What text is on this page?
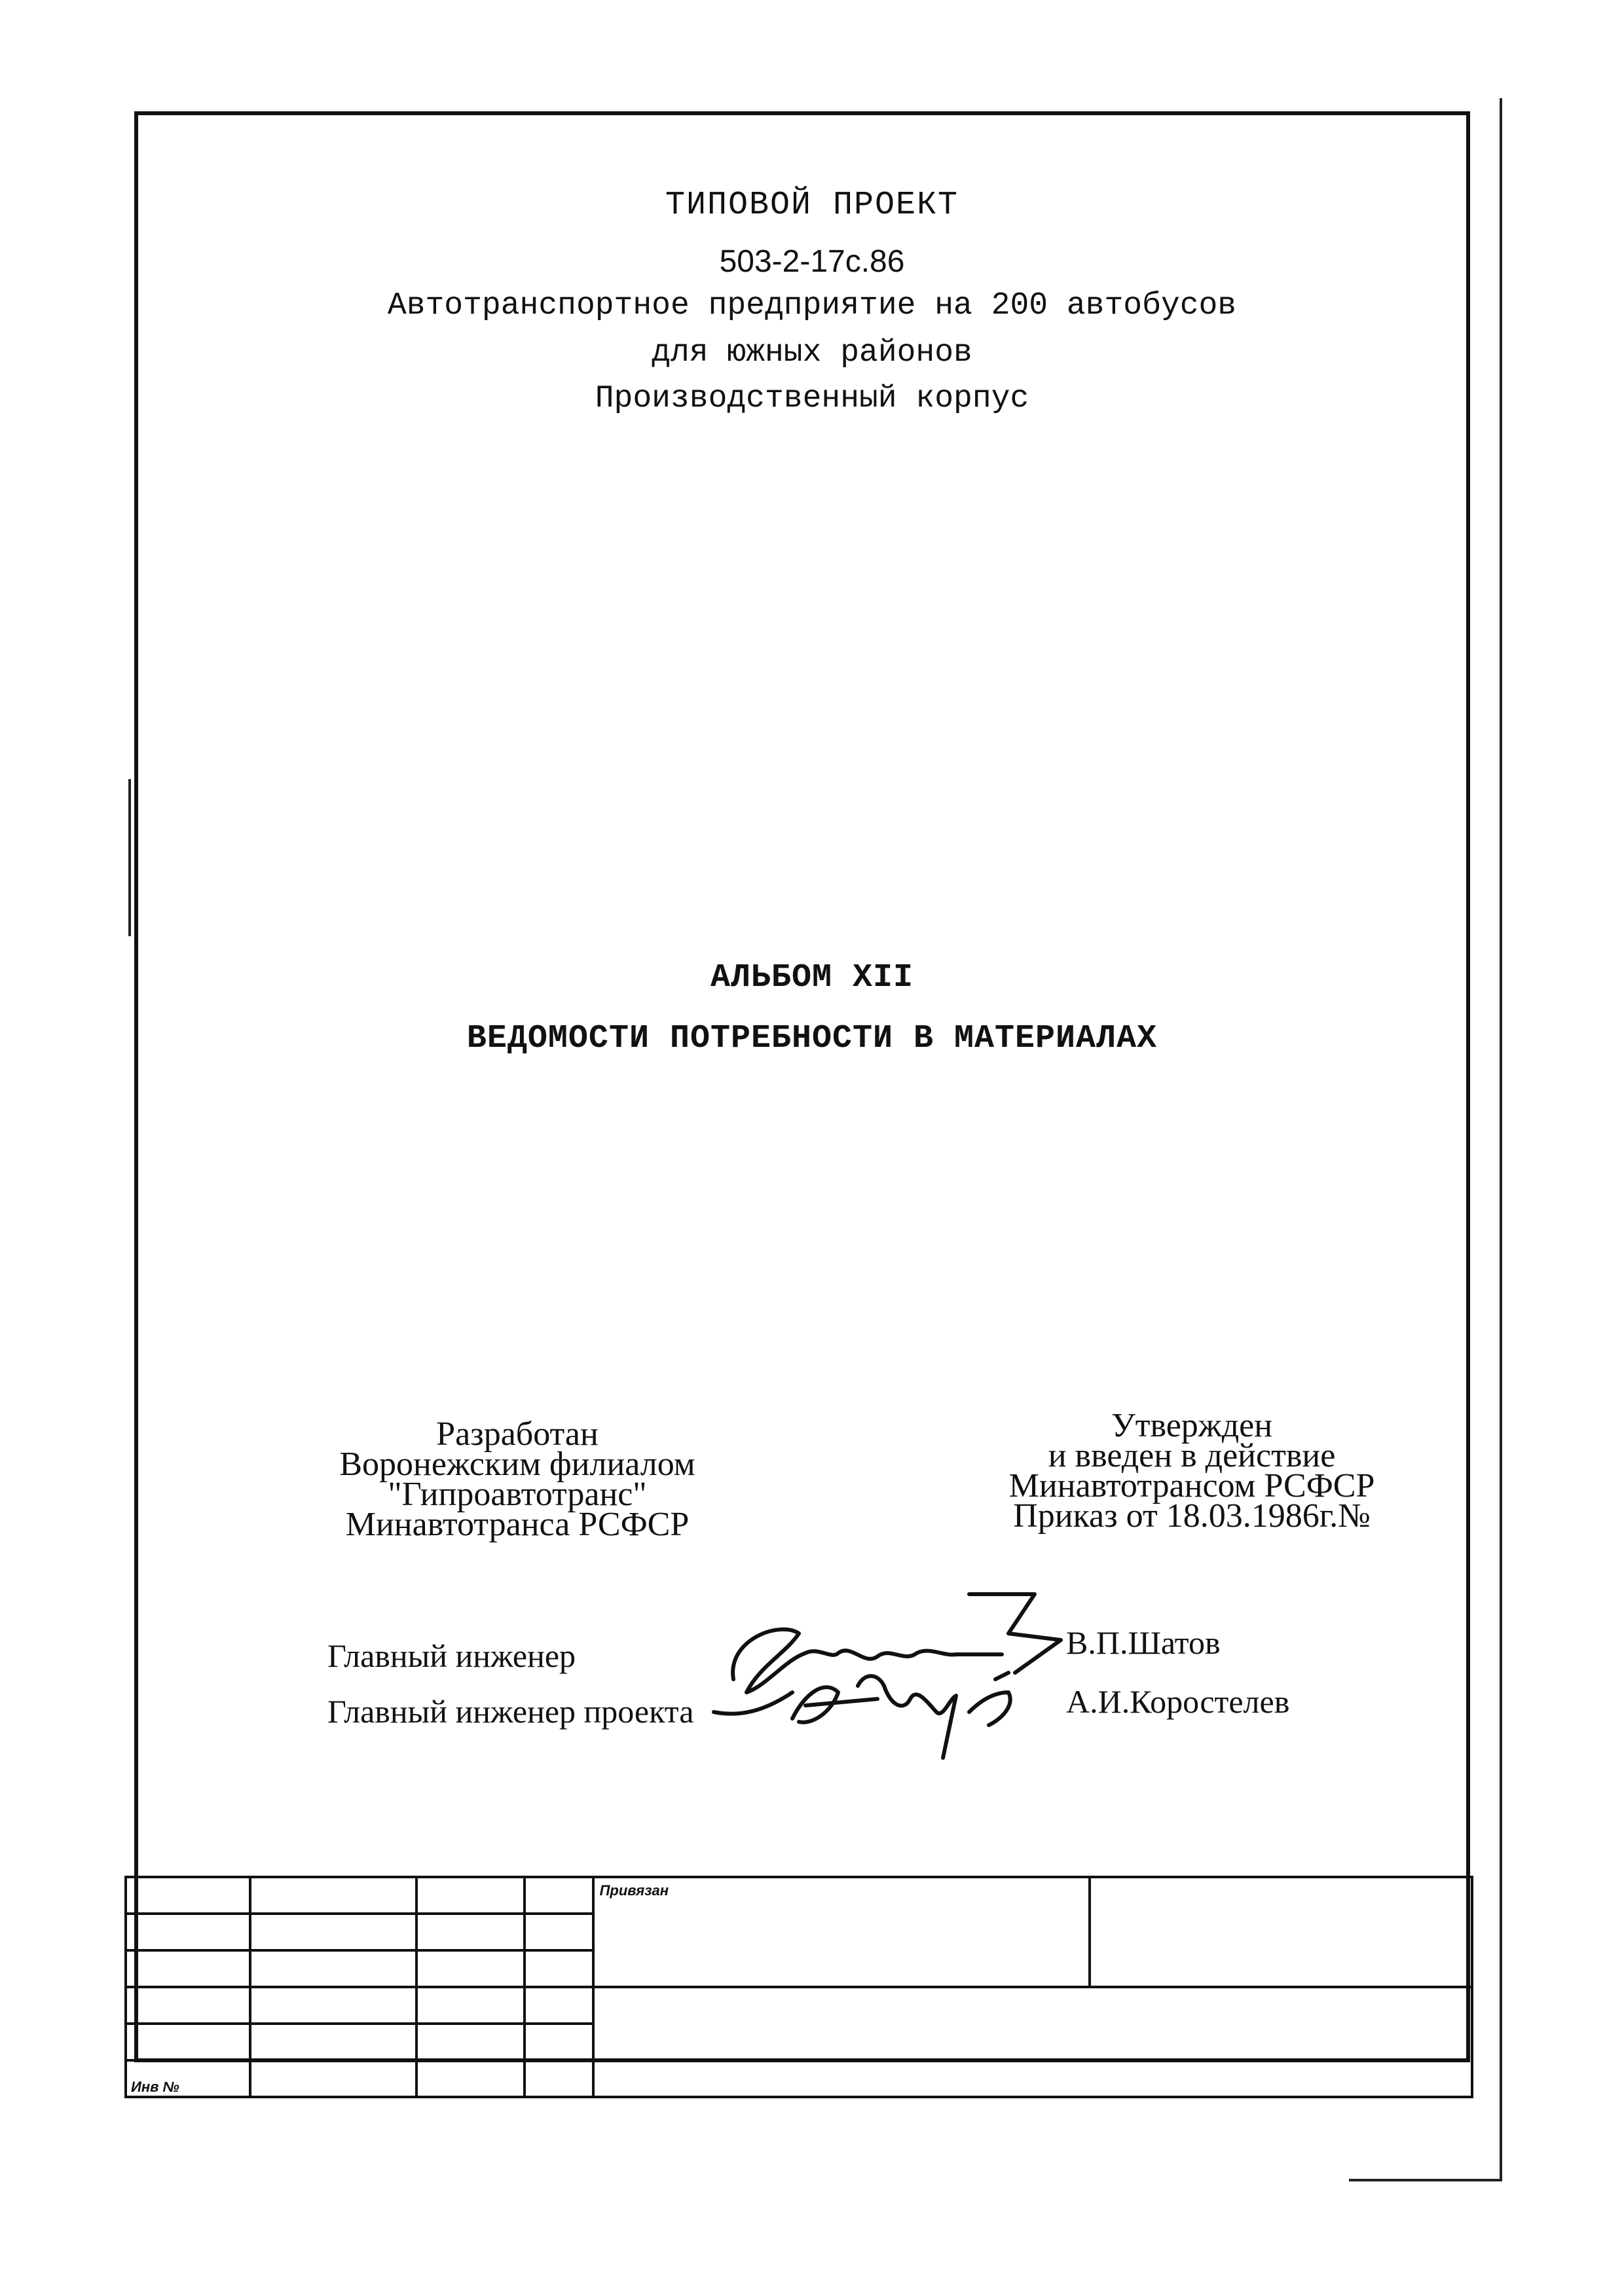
ТИПОВОЙ ПРОЕКТ
503-2-17с.86
Автотранспортное предприятие на 200 автобусов
для южных районов
Производственный корпус
АЛЬБОМ XII
ВЕДОМОСТИ ПОТРЕБНОСТИ В МАТЕРИАЛАХ
Разработан
Воронежским филиалом
"Гипроавтотранс"
Минавтотранса РСФСР
Утвержден
и введен в действие
Минавтотрансом РСФСР
Приказ от 18.03.1986г.№
Главный инженер	В.П.Шатов
Главный инженер проекта	А.И.Коростелев
				Привязан	

Инв №					
